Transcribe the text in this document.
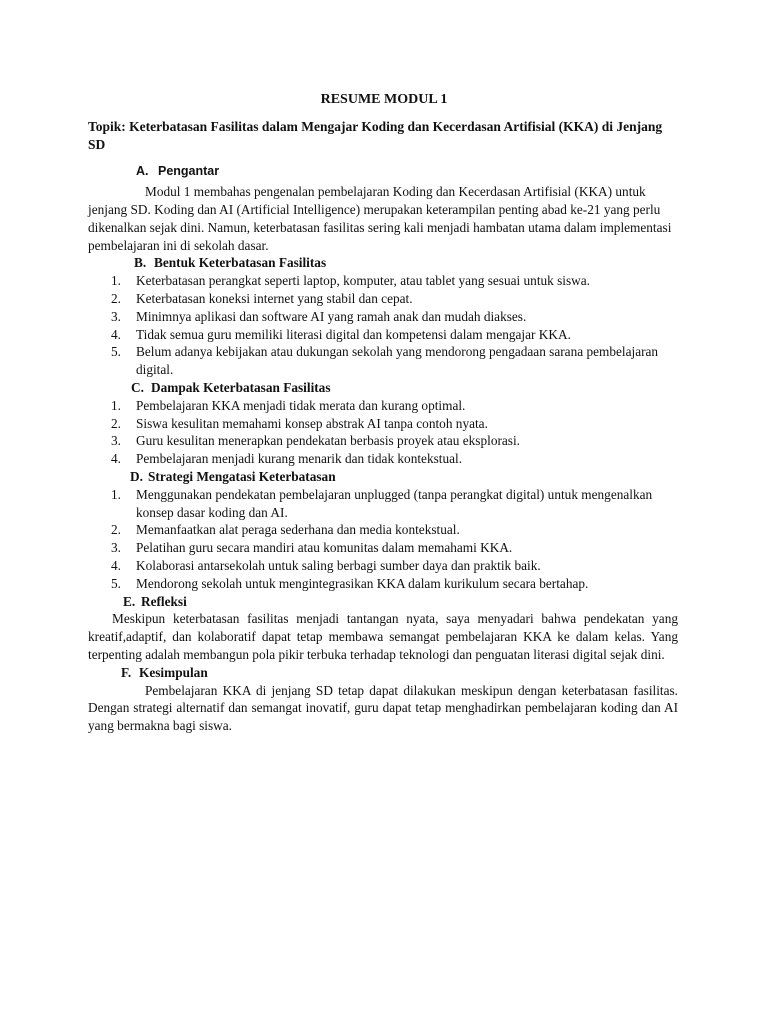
RESUME MODUL 1
Topik: Keterbatasan Fasilitas dalam Mengajar Koding dan Kecerdasan Artifisial (KKA) di Jenjang SD
A. Pengantar

Modul 1 membahas pengenalan pembelajaran Koding dan Kecerdasan Artifisial (KKA) untuk jenjang SD. Koding dan AI (Artificial Intelligence) merupakan keterampilan penting abad ke-21 yang perlu dikenalkan sejak dini. Namun, keterbatasan fasilitas sering kali menjadi hambatan utama dalam implementasi pembelajaran ini di sekolah dasar.

B. Bentuk Keterbatasan Fasilitas
1. Keterbatasan perangkat seperti laptop, komputer, atau tablet yang sesuai untuk siswa.
2. Keterbatasan koneksi internet yang stabil dan cepat.
3. Minimnya aplikasi dan software AI yang ramah anak dan mudah diakses.
4. Tidak semua guru memiliki literasi digital dan kompetensi dalam mengajar KKA.
5. Belum adanya kebijakan atau dukungan sekolah yang mendorong pengadaan sarana pembelajaran digital.
C. Dampak Keterbatasan Fasilitas
1. Pembelajaran KKA menjadi tidak merata dan kurang optimal.
2. Siswa kesulitan memahami konsep abstrak AI tanpa contoh nyata.
3. Guru kesulitan menerapkan pendekatan berbasis proyek atau eksplorasi.
4. Pembelajaran menjadi kurang menarik dan tidak kontekstual.
D. Strategi Mengatasi Keterbatasan
1. Menggunakan pendekatan pembelajaran unplugged (tanpa perangkat digital) untuk mengenalkan konsep dasar koding dan AI.
2. Memanfaatkan alat peraga sederhana dan media kontekstual.
3. Pelatihan guru secara mandiri atau komunitas dalam memahami KKA.
4. Kolaborasi antarsekolah untuk saling berbagi sumber daya dan praktik baik.
5. Mendorong sekolah untuk mengintegrasikan KKA dalam kurikulum secara bertahap.
E. Refleksi

Meskipun keterbatasan fasilitas menjadi tantangan nyata, saya menyadari bahwa pendekatan yang kreatif,adaptif, dan kolaboratif dapat tetap membawa semangat pembelajaran KKA ke dalam kelas. Yang terpenting adalah membangun pola pikir terbuka terhadap teknologi dan penguatan literasi digital sejak dini.

F. Kesimpulan

Pembelajaran KKA di jenjang SD tetap dapat dilakukan meskipun dengan keterbatasan fasilitas. Dengan strategi alternatif dan semangat inovatif, guru dapat tetap menghadirkan pembelajaran koding dan AI yang bermakna bagi siswa.
